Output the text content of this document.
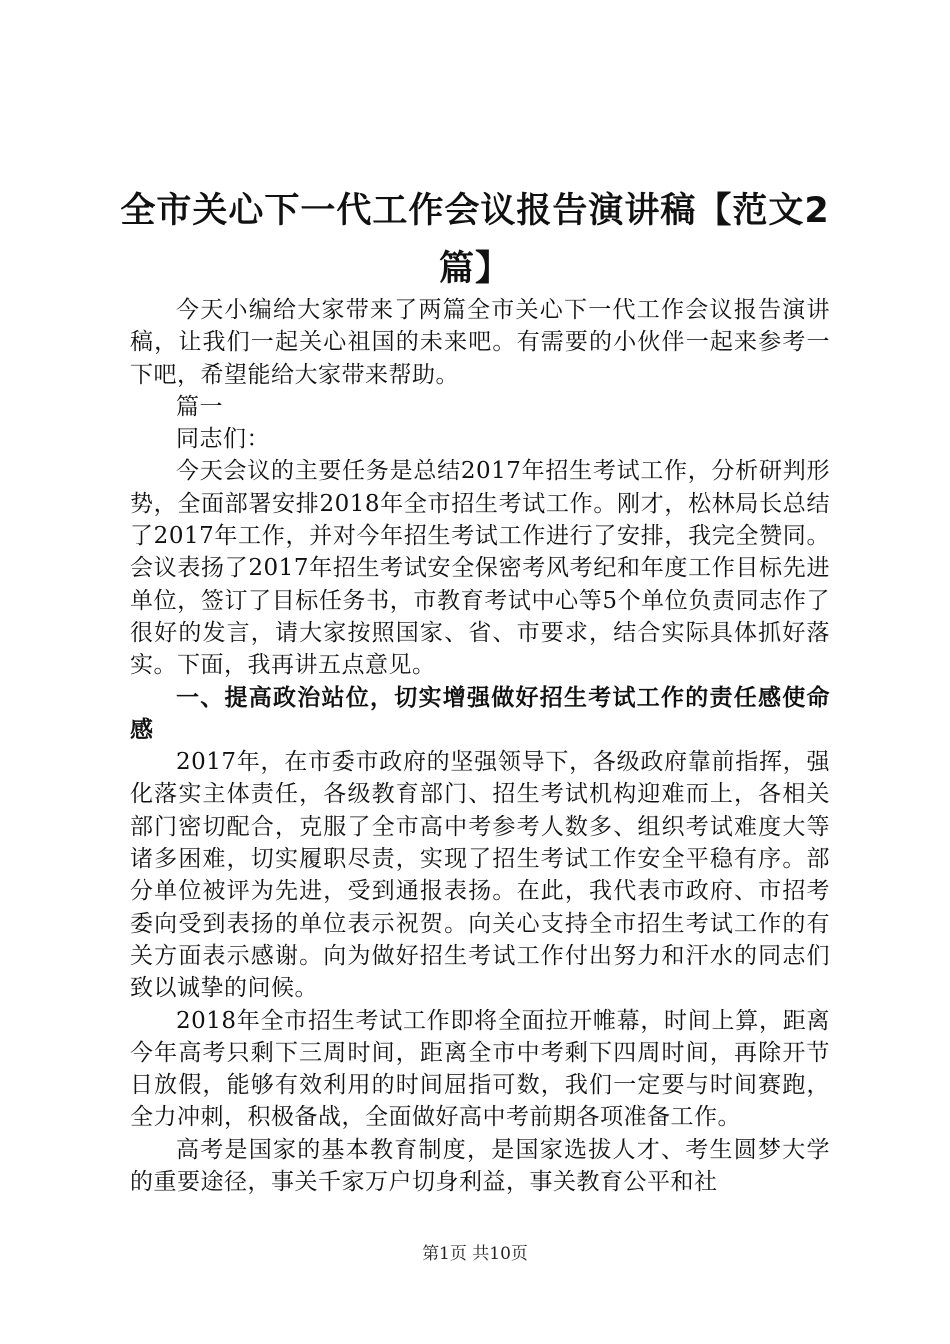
全市关心下一代工作会议报告演讲稿【范文2篇】

今天小编给大家带来了两篇全市关心下一代工作会议报告演讲稿，让我们一起关心祖国的未来吧。有需要的小伙伴一起来参考一下吧，希望能给大家带来帮助。

篇一

同志们：

今天会议的主要任务是总结2017年招生考试工作，分析研判形势，全面部署安排2018年全市招生考试工作。刚才，松林局长总结了2017年工作，并对今年招生考试工作进行了安排，我完全赞同。会议表扬了2017年招生考试安全保密考风考纪和年度工作目标先进单位，签订了目标任务书，市教育考试中心等5个单位负责同志作了很好的发言，请大家按照国家、省、市要求，结合实际具体抓好落实。下面，我再讲五点意见。

一、提高政治站位，切实增强做好招生考试工作的责任感使命感

2017年，在市委市政府的坚强领导下，各级政府靠前指挥，强化落实主体责任，各级教育部门、招生考试机构迎难而上，各相关部门密切配合，克服了全市高中考参考人数多、组织考试难度大等诸多困难，切实履职尽责，实现了招生考试工作安全平稳有序。部分单位被评为先进，受到通报表扬。在此，我代表市政府、市招考委向受到表扬的单位表示祝贺。向关心支持全市招生考试工作的有关方面表示感谢。向为做好招生考试工作付出努力和汗水的同志们致以诚挚的问候。

2018年全市招生考试工作即将全面拉开帷幕，时间上算，距离今年高考只剩下三周时间，距离全市中考剩下四周时间，再除开节日放假，能够有效利用的时间屈指可数，我们一定要与时间赛跑，全力冲刺，积极备战，全面做好高中考前期各项准备工作。

高考是国家的基本教育制度，是国家选拔人才、考生圆梦大学的重要途径，事关千家万户切身利益，事关教育公平和社

第1页 共10页
